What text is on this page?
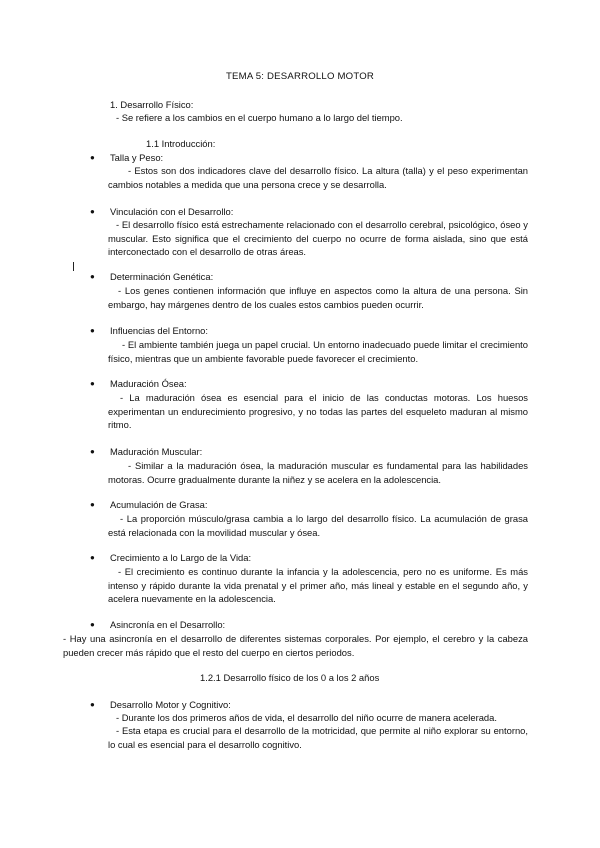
TEMA 5: DESARROLLO MOTOR
1. Desarrollo Físico:
- Se refiere a los cambios en el cuerpo humano a lo largo del tiempo.
1.1 Introducción:
● Talla y Peso:
- Estos son dos indicadores clave del desarrollo físico. La altura (talla) y el peso experimentan cambios notables a medida que una persona crece y se desarrolla.
● Vinculación con el Desarrollo:
- El desarrollo físico está estrechamente relacionado con el desarrollo cerebral, psicológico, óseo y muscular. Esto significa que el crecimiento del cuerpo no ocurre de forma aislada, sino que está interconectado con el desarrollo de otras áreas.
● Determinación Genética:
- Los genes contienen información que influye en aspectos como la altura de una persona. Sin embargo, hay márgenes dentro de los cuales estos cambios pueden ocurrir.
● Influencias del Entorno:
- El ambiente también juega un papel crucial. Un entorno inadecuado puede limitar el crecimiento físico, mientras que un ambiente favorable puede favorecer el crecimiento.
● Maduración Ósea:
- La maduración ósea es esencial para el inicio de las conductas motoras. Los huesos experimentan un endurecimiento progresivo, y no todas las partes del esqueleto maduran al mismo ritmo.
● Maduración Muscular:
- Similar a la maduración ósea, la maduración muscular es fundamental para las habilidades motoras. Ocurre gradualmente durante la niñez y se acelera en la adolescencia.
● Acumulación de Grasa:
- La proporción músculo/grasa cambia a lo largo del desarrollo físico. La acumulación de grasa está relacionada con la movilidad muscular y ósea.
● Crecimiento a lo Largo de la Vida:
- El crecimiento es continuo durante la infancia y la adolescencia, pero no es uniforme. Es más intenso y rápido durante la vida prenatal y el primer año, más lineal y estable en el segundo año, y acelera nuevamente en la adolescencia.
● Asincronía en el Desarrollo:
- Hay una asincronía en el desarrollo de diferentes sistemas corporales. Por ejemplo, el cerebro y la cabeza pueden crecer más rápido que el resto del cuerpo en ciertos periodos.
1.2.1 Desarrollo físico de los 0 a los 2 años
● Desarrollo Motor y Cognitivo:
- Durante los dos primeros años de vida, el desarrollo del niño ocurre de manera acelerada.
- Esta etapa es crucial para el desarrollo de la motricidad, que permite al niño explorar su entorno, lo cual es esencial para el desarrollo cognitivo.
